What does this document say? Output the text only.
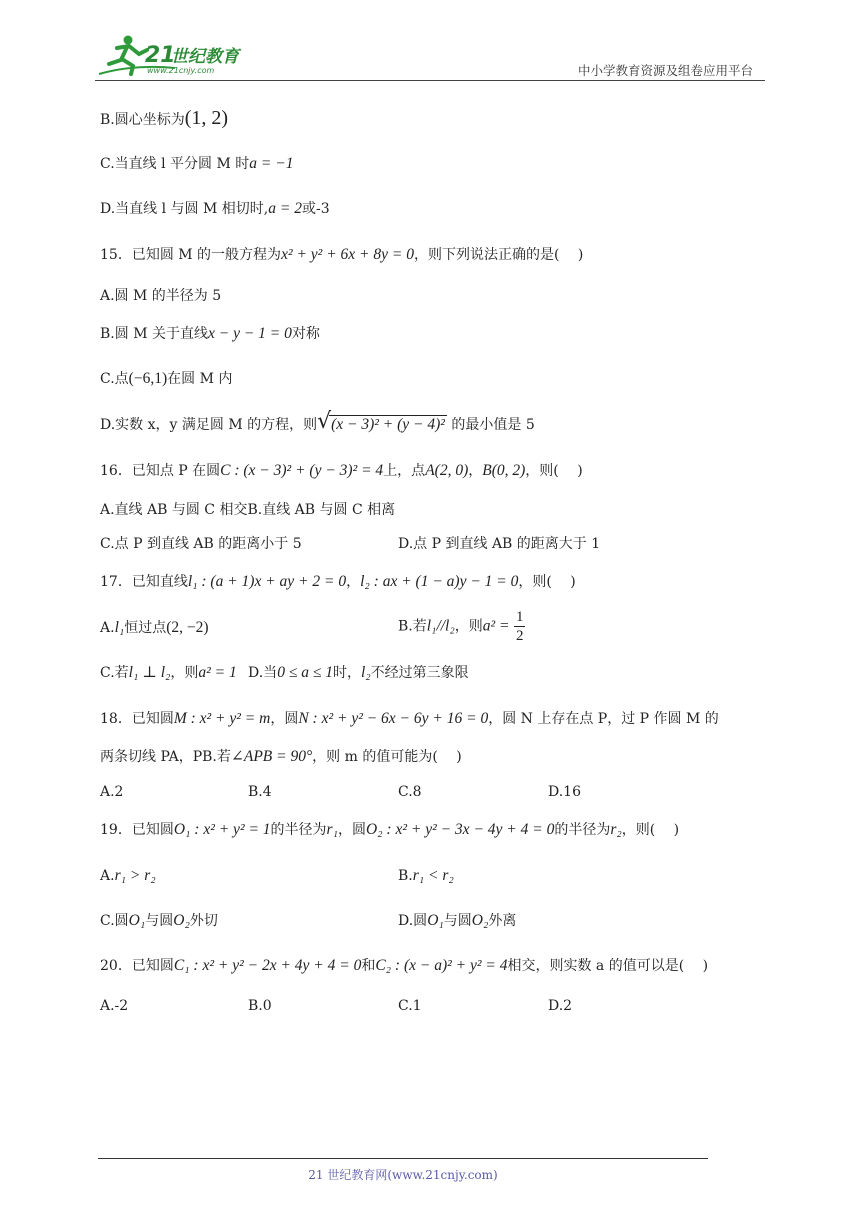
21
世纪教育
www.21cnjy.com	中小学教育资源及组卷应用平台
B.圆心坐标为(1, 2)
C.当直线 l 平分圆 M 时a = −1
D.当直线 l 与圆 M 相切时,a = 2或-3
15．已知圆 M 的一般方程为x² + y² + 6x + 8y = 0，则下列说法正确的是(　 )
A.圆 M 的半径为 5
B.圆 M 关于直线x − y − 1 = 0对称
C.点(−6,1)在圆 M 内
D.实数 x，y 满足圆 M 的方程，则 √ (x − 3)² + (y − 4)² 的最小值是 5
16．已知点 P 在圆C : (x − 3)² + (y − 3)² = 4上，点A(2, 0)，B(0, 2)，则(　 )
A.直线 AB 与圆 C 相交B.直线 AB 与圆 C 相离
C.点 P 到直线 AB 的距离小于 5	D.点 P 到直线 AB 的距离大于 1
17．已知直线l₁ : (a + 1)x + ay + 2 = 0，l₂ : ax + (1 − a)y − 1 = 0，则(　 )
A.l₁恒过点(2, −2)	B.若l₁//l₂，则$a^2 = \frac{1}{2}$
C.若l₁ ⊥ l₂，则a² = 1 D.当0 ≤ a ≤ 1时，l₂不经过第三象限
18．已知圆M : x² + y² = m，圆N : x² + y² − 6x − 6y + 16 = 0，圆 N 上存在点 P，过 P 作圆 M 的
两条切线 PA，PB.若∠APB = 90°，则 m 的值可能为(　 )
A.2	B.4	C.8	D.16
19．已知圆O₁ : x² + y² = 1的半径为r₁，圆O₂ : x² + y² − 3x − 4y + 4 = 0的半径为r₂，则(　 )
A.r₁ > r₂	B.r₁ < r₂
C.圆O₁与圆O₂外切	D.圆O₁与圆O₂外离
20．已知圆C₁ : x² + y² − 2x + 4y + 4 = 0和C₂ : (x − a)² + y² = 4相交，则实数 a 的值可以是(　 )
A.-2	B.0	C.1	D.2
21 世纪教育网(www.21cnjy.com)
